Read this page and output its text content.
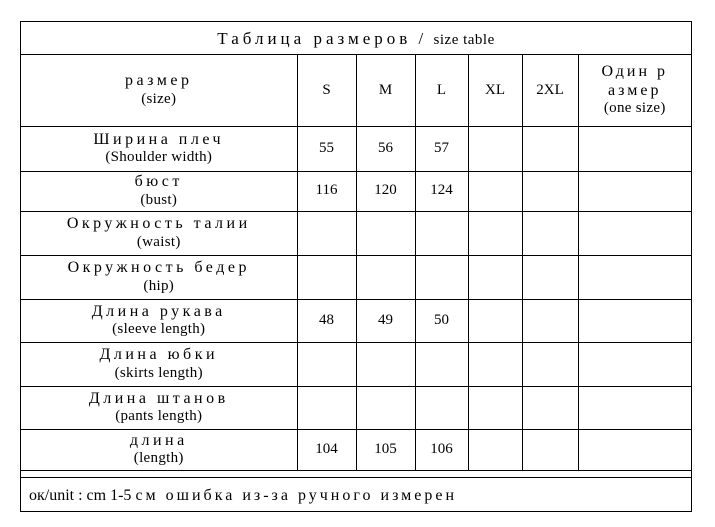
Таблица размеров / size table
размер
(size)	S	M	L	XL	2XL	Один р
азмер
(one size)

Ширина плеч
(Shoulder width)	55	56	57			

бюст
(bust)	116	120	124			

Окружность талии
(waist)						

Окружность бедер
(hip)						

Длина рукава
(sleeve length)	48	49	50			

Длина юбки
(skirts length)						

Длина штанов
(pants length)						

длина
(length)	104	105	106			
ок/unit : cm 1-5 см ошибка из-за ручного измерен
